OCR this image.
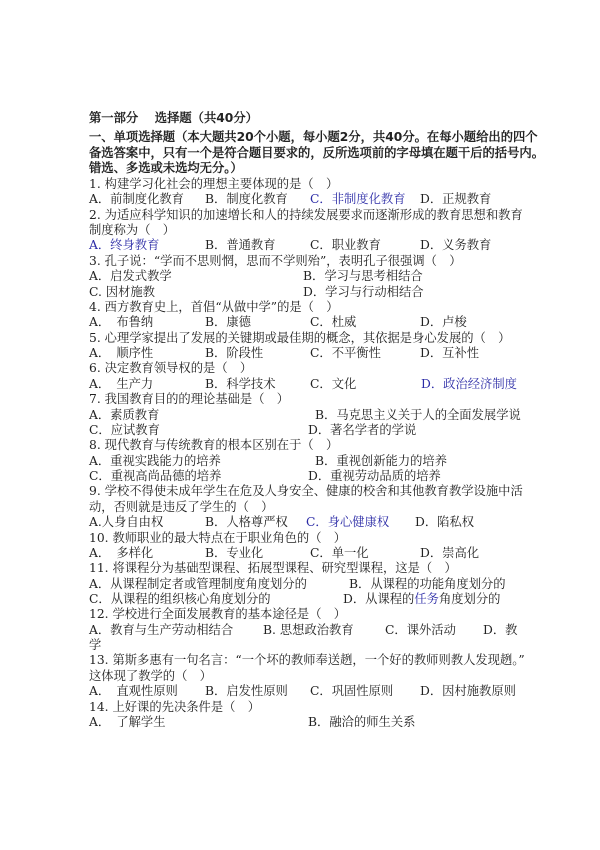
第一部分　 选择题（共40分）
一、单项选择题（本大题共20个小题，每小题2分，共40分。在每小题给出的四个
备选答案中，只有一个是符合题目要求的，反所选项前的字母填在题干后的括号内。
错选、多选或未选均无分。）
1. 构建学习化社会的理想主要体现的是（　）
A．前制度化教育 B．制度化教育 C．非制度化教育 D．正规教育
2. 为适应科学知识的加速增长和人的持续发展要求而逐渐形成的教育思想和教育
制度称为（　）
A．终身教育	B．普通教育	C．职业教育	D．义务教育
3. 孔子说：“学而不思则惘，思而不学则殆”，表明孔子很强调（　）
A．启发式教学	B．学习与思考相结合
C. 因材施教	D．学习与行动相结合
4. 西方教育史上，首倡“从做中学”的是（　）
A．　布鲁纳	B．康德	C．杜威	D．卢梭
5. 心理学家提出了发展的关键期或最佳期的概念，其依据是身心发展的（　）
A．　顺序性	B．阶段性	C．不平衡性	D．互补性
6. 决定教育领导权的是（　）
A．　生产力	B．科学技术	C．文化	D．政治经济制度
7. 我国教育目的的理论基础是（　）
A．素质教育	B．马克思主义关于人的全面发展学说
C．应试教育	D．著名学者的学说
8. 现代教育与传统教育的根本区别在于（　）
A．重视实践能力的培养	B．重视创新能力的培养
C．重视高尚品德的培养	D．重视劳动品质的培养
9. 学校不得使未成年学生在危及人身安全、健康的校舍和其他教育教学设施中活
动，否则就是违反了学生的（　）
A.人身自由权	B．人格尊严权 C．身心健康权 D．陷私权
10. 教师职业的最大特点在于职业角色的（　）
A．　多样化	B．专业化	C．单一化	D．崇高化
11. 将课程分为基础型课程、拓展型课程、研究型课程，这是（　）
A．从课程制定者或管理制度角度划分的	B．从课程的功能角度划分的
C．从课程的组织核心角度划分的	D．从课程的任务角度划分的
12. 学校进行全面发展教育的基本途径是（　）
A．教育与生产劳动相结合 B. 思想政治教育	C．课外活动 D．教
学
13. 第斯多惠有一句名言：“一个坏的教师奉送趔，一个好的教师则教人发现趔。”
这体现了教学的（　）
A．　直观性原则 B．启发性原则 C．巩固性原则 D．因村施教原则
14. 上好课的先决条件是（　）
A．　了解学生	B．融洽的师生关系
